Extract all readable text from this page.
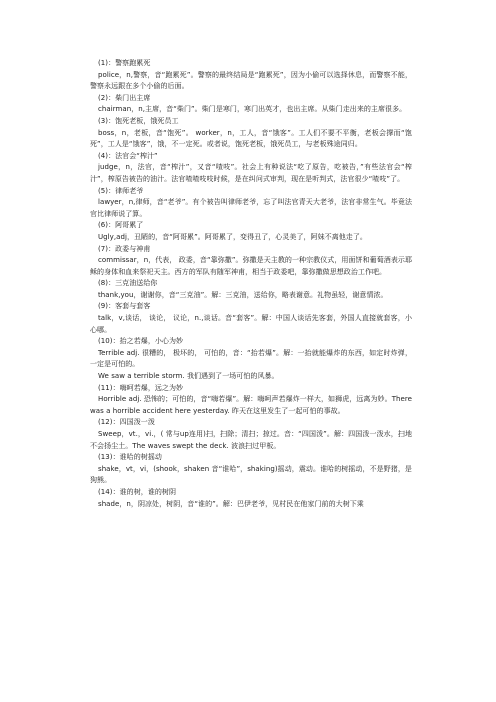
(1)：警察跑累死

police，n,警察，音“跑累死”。警察的最终结局是“跑累死”，因为小偷可以选择休息，而警察不能，警察永远跟在多个小偷的后面。

(2)：柴门出主席

chairman，n,主席，音“柴门”。柴门是寒门，寒门出英才，也出主席。从柴门走出来的主席很多。

(3)：饱死老板，饿死员工

boss，n，老板，音“饱死”。 worker，n，工人，音“饿客”。工人们不要不平衡，老板会撑而“饱死”，工人是“饿客”，饿，不一定死。或者说，饱死老板，饿死员工，与老板殊途同归。

(4)：法官会“榨汁”

judge，n，法官，音“榨汁”，又音“喳吱”。社会上有种说法“吃了原告，吃被告，”有些法官会“榨汁”，榨原告被告的油汁。法官喳喳吱吱时候，是在纠问式审判，现在是听判式，法官很少“喳吱”了。

(5)：律师老爷

lawyer，n,律师，音“老爷”。有个被告叫律师老爷，忘了叫法官青天大老爷，法官非常生气。毕竟法官比律师说了算。

(6)：阿哥累了

Ugly,adj，丑陋的，音“阿哥累”。阿哥累了，变得丑了，心灵美了，阿妹不离他走了。

(7)：政委与神甫

commissar，n，代表， 政委，音“靠弥撒”。弥撒是天主教的一种宗教仪式，用面饼和葡萄酒表示耶稣的身体和血来祭祀天主。西方的军队有随军神甫，相当于政委吧，靠弥撒做思想政治工作吧。

(8)：三克油送给你

thank,you，谢谢你，音“三克油”。解：三克油，送给你，略表谢意。礼物虽轻，谢意情浓。

(9)：客套与套客

talk，v,谈话， 谈论， 议论，n.,谈话。音“套客”。解：中国人谈话先客套，外国人直接就套客，小心哪。

(10)：抬之若爆，小心为妙

Terrible adj. 很糟的， 极坏的， 可怕的，音：“抬若爆”。解：一抬就能爆炸的东西，如定时炸弹，一定是可怕的。

We saw a terrible storm. 我们遇到了一场可怕的风暴。
(11)：嗨呵若爆，远之为妙

Horrible adj. 恐怖的；可怕的，音“嗨若爆”。解：嗨呵声若爆炸一样大，如狮虎，远离为妙。There was a horrible accident here yesterday. 昨天在这里发生了一起可怕的事故。

(12)：四国泼一泼

Sweep，vt.，vi.，( 常与up连用)扫，扫除；清扫；掠过。音：“四国泼”。解：四国泼一泼水，扫地不会扬尘土。The waves swept the deck. 波浪扫过甲板。

(13)：谁哈的树摇动

shake，vt，vi，(shook，shaken 音“谁哈”，shaking)摇动，震动。谁哈的树摇动，不是野猪，是狗熊。

(14)：谁的树，谁的树阴

shade，n，阴凉处，树阴，音“谁的”。解：巴伊老爷，见村民在他家门前的大树下乘
